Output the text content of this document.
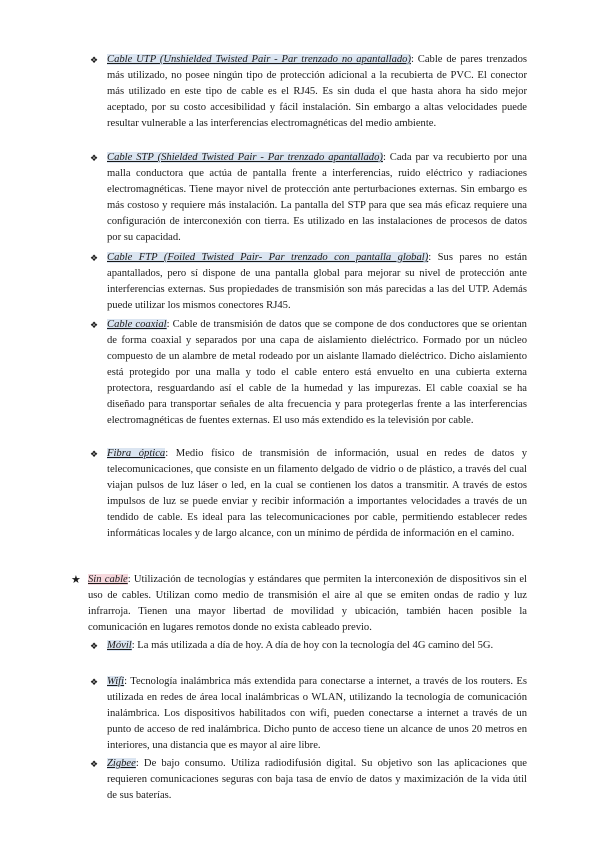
❖ Cable UTP (Unshielded Twisted Pair - Par trenzado no apantallado): Cable de pares trenzados más utilizado, no posee ningún tipo de protección adicional a la recubierta de PVC. El conector más utilizado en este tipo de cable es el RJ45. Es sin duda el que hasta ahora ha sido mejor aceptado, por su costo accesibilidad y fácil instalación. Sin embargo a altas velocidades puede resultar vulnerable a las interferencias electromagnéticas del medio ambiente.
❖ Cable STP (Shielded Twisted Pair - Par trenzado apantallado): Cada par va recubierto por una malla conductora que actúa de pantalla frente a interferencias, ruido eléctrico y radiaciones electromagnéticas. Tiene mayor nivel de protección ante perturbaciones externas. Sin embargo es más costoso y requiere más instalación. La pantalla del STP para que sea más eficaz requiere una configuración de interconexión con tierra. Es utilizado en las instalaciones de procesos de datos por su capacidad.
❖ Cable FTP (Foiled Twisted Pair- Par trenzado con pantalla global): Sus pares no están apantallados, pero sí dispone de una pantalla global para mejorar su nivel de protección ante interferencias externas. Sus propiedades de transmisión son más parecidas a las del UTP. Además puede utilizar los mismos conectores RJ45.
❖ Cable coaxial: Cable de transmisión de datos que se compone de dos conductores que se orientan de forma coaxial y separados por una capa de aislamiento dieléctrico. Formado por un núcleo compuesto de un alambre de metal rodeado por un aislante llamado dieléctrico. Dicho aislamiento está protegido por una malla y todo el cable entero está envuelto en una cubierta externa protectora, resguardando así el cable de la humedad y las impurezas. El cable coaxial se ha diseñado para transportar señales de alta frecuencia y para protegerlas frente a las interferencias electromagnéticas de fuentes externas. El uso más extendido es la televisión por cable.
❖ Fibra óptica: Medio físico de transmisión de información, usual en redes de datos y telecomunicaciones, que consiste en un filamento delgado de vidrio o de plástico, a través del cual viajan pulsos de luz láser o led, en la cual se contienen los datos a transmitir. A través de estos impulsos de luz se puede enviar y recibir información a importantes velocidades a través de un tendido de cable. Es ideal para las telecomunicaciones por cable, permitiendo establecer redes informáticas locales y de largo alcance, con un mínimo de pérdida de información en el camino.
★ Sin cable: Utilización de tecnologías y estándares que permiten la interconexión de dispositivos sin el uso de cables. Utilizan como medio de transmisión el aire al que se emiten ondas de radio y luz infrarroja. Tienen una mayor libertad de movilidad y ubicación, también hacen posible la comunicación en lugares remotos donde no exista cableado previo.
❖ Móvil: La más utilizada a día de hoy. A día de hoy con la tecnología del 4G camino del 5G.
❖ Wifi: Tecnología inalámbrica más extendida para conectarse a internet, a través de los routers. Es utilizada en redes de área local inalámbricas o WLAN, utilizando la tecnología de comunicación inalámbrica. Los dispositivos habilitados con wifi, pueden conectarse a internet a través de un punto de acceso de red inalámbrica. Dicho punto de acceso tiene un alcance de unos 20 metros en interiores, una distancia que es mayor al aire libre.
❖ Zigbee: De bajo consumo. Utiliza radiodifusión digital. Su objetivo son las aplicaciones que requieren comunicaciones seguras con baja tasa de envío de datos y maximización de la vida útil de sus baterías.
